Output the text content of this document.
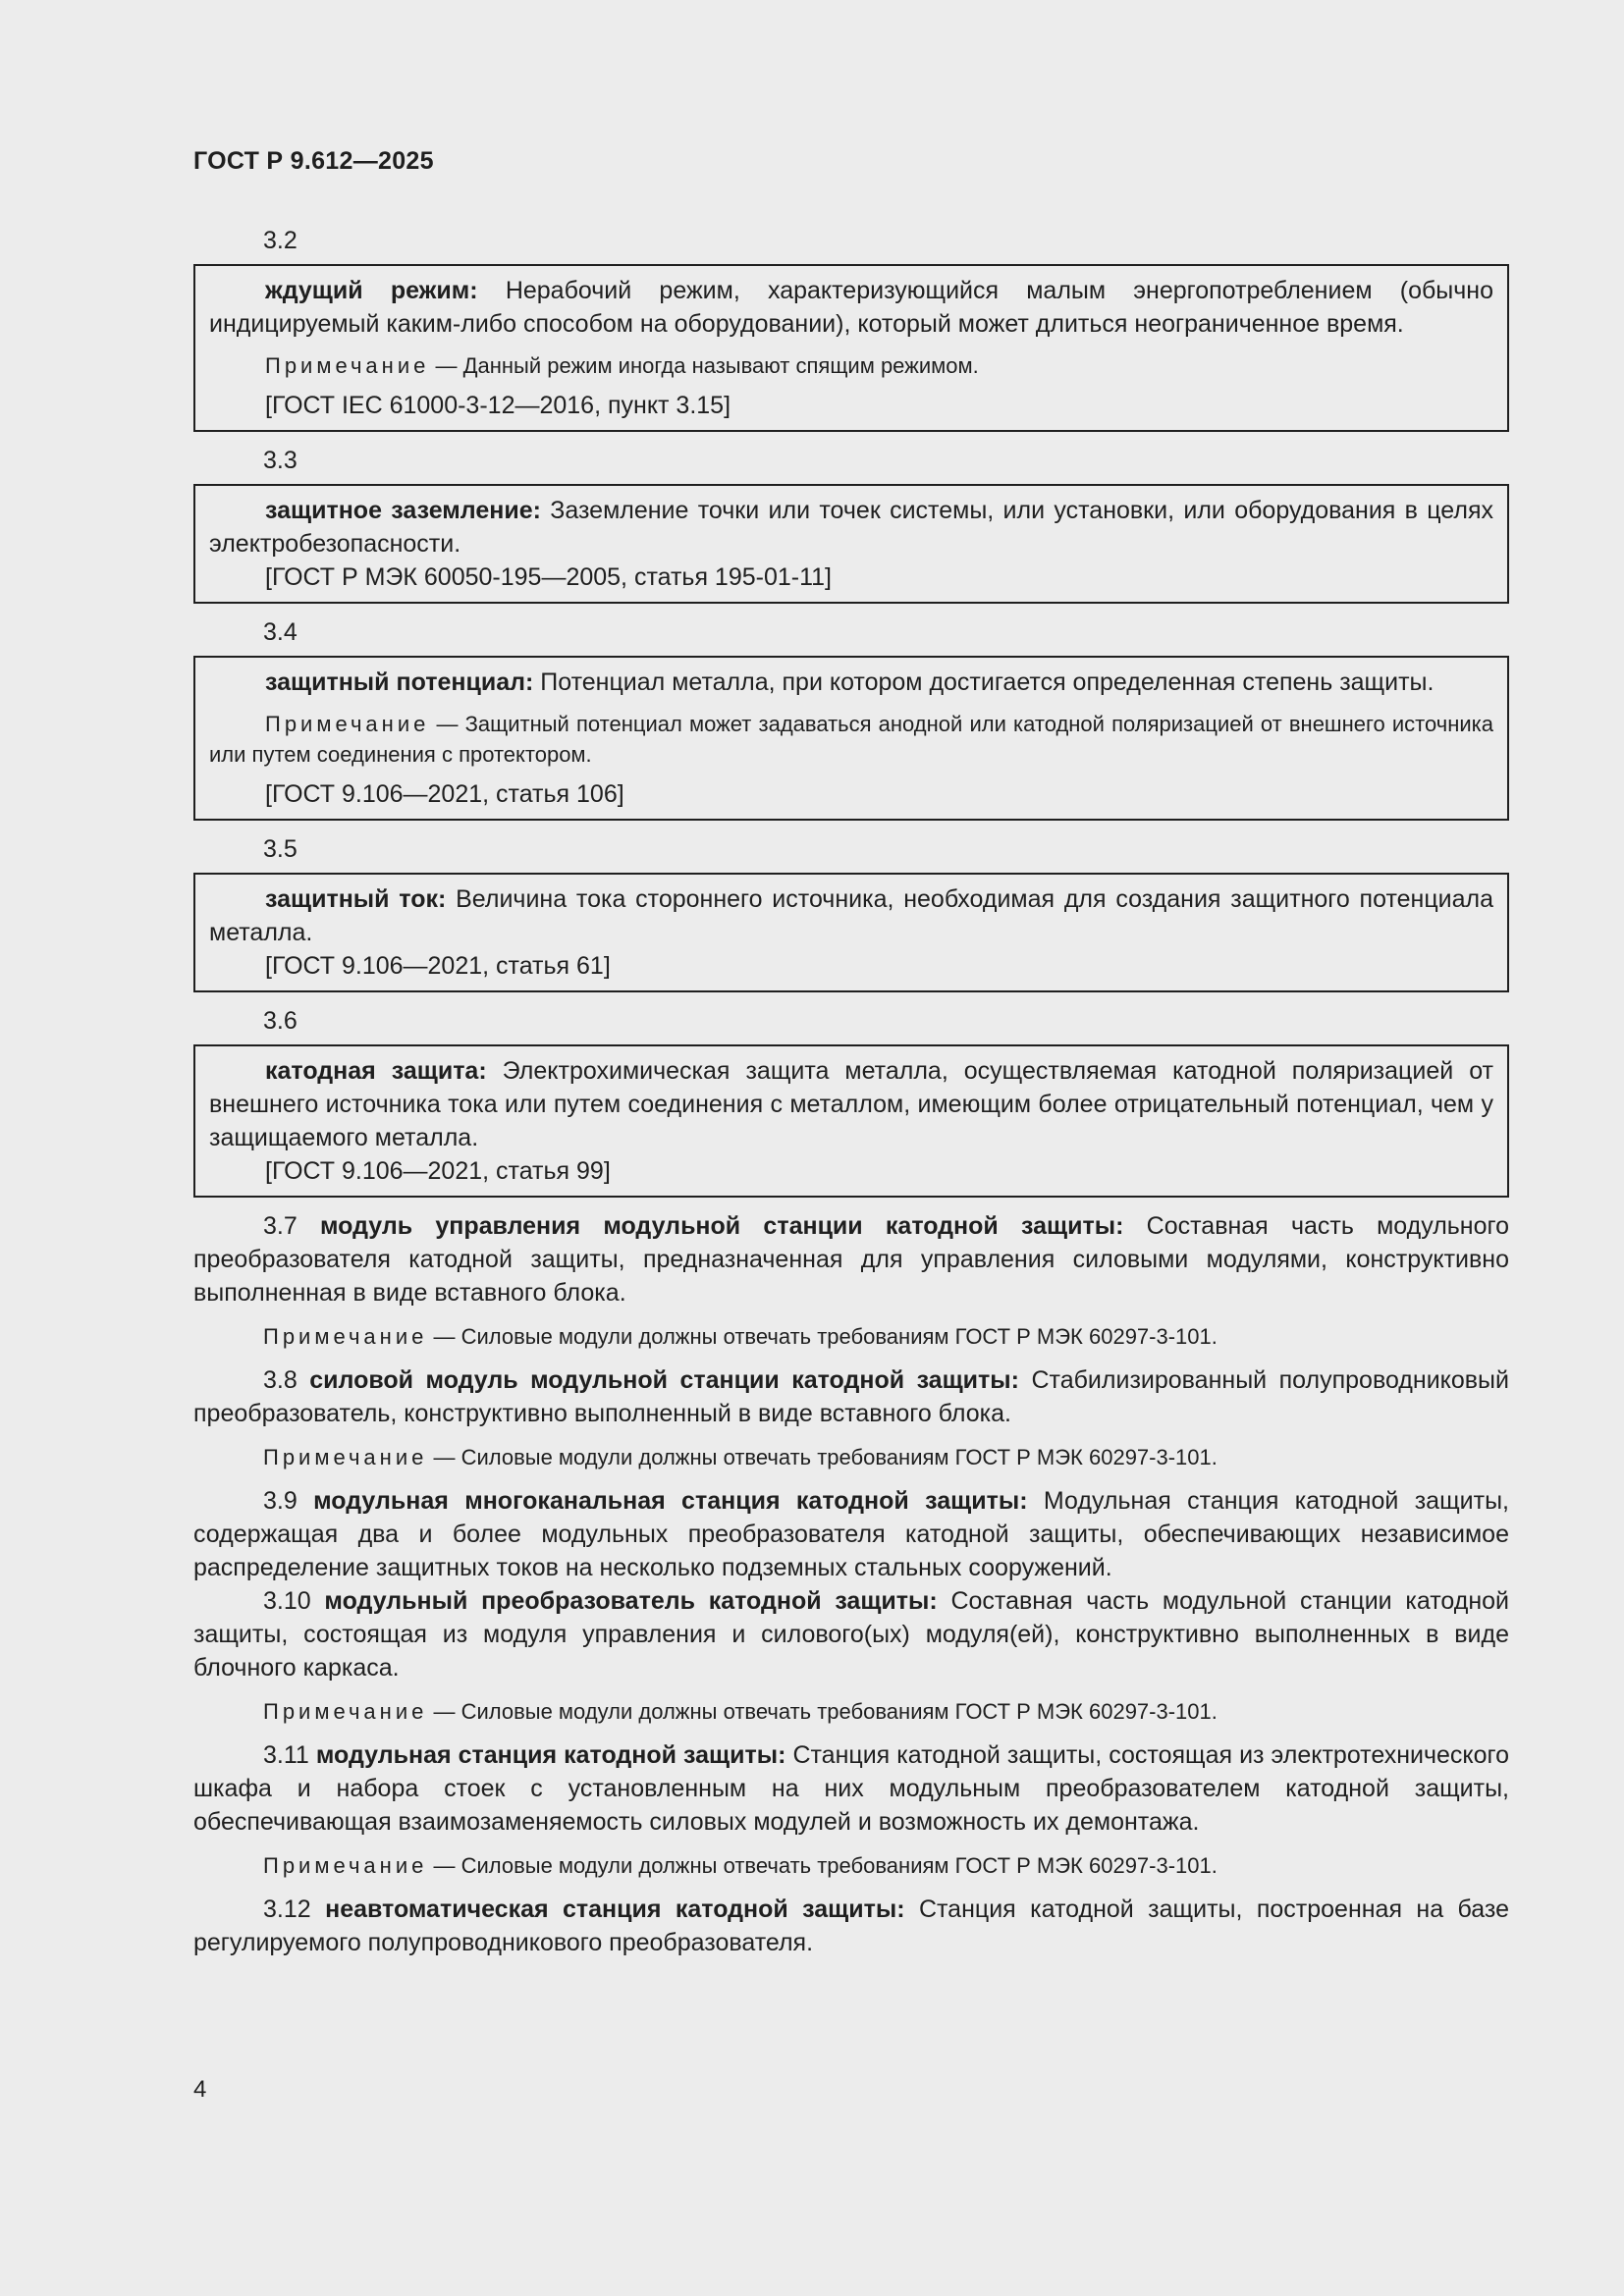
ГОСТ Р 9.612—2025
3.2

ждущий режим: Нерабочий режим, характеризующийся малым энергопотреблением (обычно индицируемый каким-либо способом на оборудовании), который может длиться неограниченное время.

Примечание — Данный режим иногда называют спящим режимом.

[ГОСТ IEC 61000-3-12—2016, пункт 3.15]
3.3

защитное заземление: Заземление точки или точек системы, или установки, или оборудования в целях электробезопасности.

[ГОСТ Р МЭК 60050-195—2005, статья 195-01-11]
3.4

защитный потенциал: Потенциал металла, при котором достигается определенная степень защиты.

Примечание — Защитный потенциал может задаваться анодной или катодной поляризацией от внешнего источника или путем соединения с протектором.

[ГОСТ 9.106—2021, статья 106]
3.5

защитный ток: Величина тока стороннего источника, необходимая для создания защитного потенциала металла.

[ГОСТ 9.106—2021, статья 61]
3.6

катодная защита: Электрохимическая защита металла, осуществляемая катодной поляризацией от внешнего источника тока или путем соединения с металлом, имеющим более отрицательный потенциал, чем у защищаемого металла.

[ГОСТ 9.106—2021, статья 99]

3.7 модуль управления модульной станции катодной защиты: Составная часть модульного преобразователя катодной защиты, предназначенная для управления силовыми модулями, конструктивно выполненная в виде вставного блока.

Примечание — Силовые модули должны отвечать требованиям ГОСТ Р МЭК 60297-3-101.

3.8 силовой модуль модульной станции катодной защиты: Стабилизированный полупроводниковый преобразователь, конструктивно выполненный в виде вставного блока.

Примечание — Силовые модули должны отвечать требованиям ГОСТ Р МЭК 60297-3-101.

3.9 модульная многоканальная станция катодной защиты: Модульная станция катодной защиты, содержащая два и более модульных преобразователя катодной защиты, обеспечивающих независимое распределение защитных токов на несколько подземных стальных сооружений.

3.10 модульный преобразователь катодной защиты: Составная часть модульной станции катодной защиты, состоящая из модуля управления и силового(ых) модуля(ей), конструктивно выполненных в виде блочного каркаса.

Примечание — Силовые модули должны отвечать требованиям ГОСТ Р МЭК 60297-3-101.

3.11 модульная станция катодной защиты: Станция катодной защиты, состоящая из электротехнического шкафа и набора стоек с установленным на них модульным преобразователем катодной защиты, обеспечивающая взаимозаменяемость силовых модулей и возможность их демонтажа.

Примечание — Силовые модули должны отвечать требованиям ГОСТ Р МЭК 60297-3-101.

3.12 неавтоматическая станция катодной защиты: Станция катодной защиты, построенная на базе регулируемого полупроводникового преобразователя.

4
